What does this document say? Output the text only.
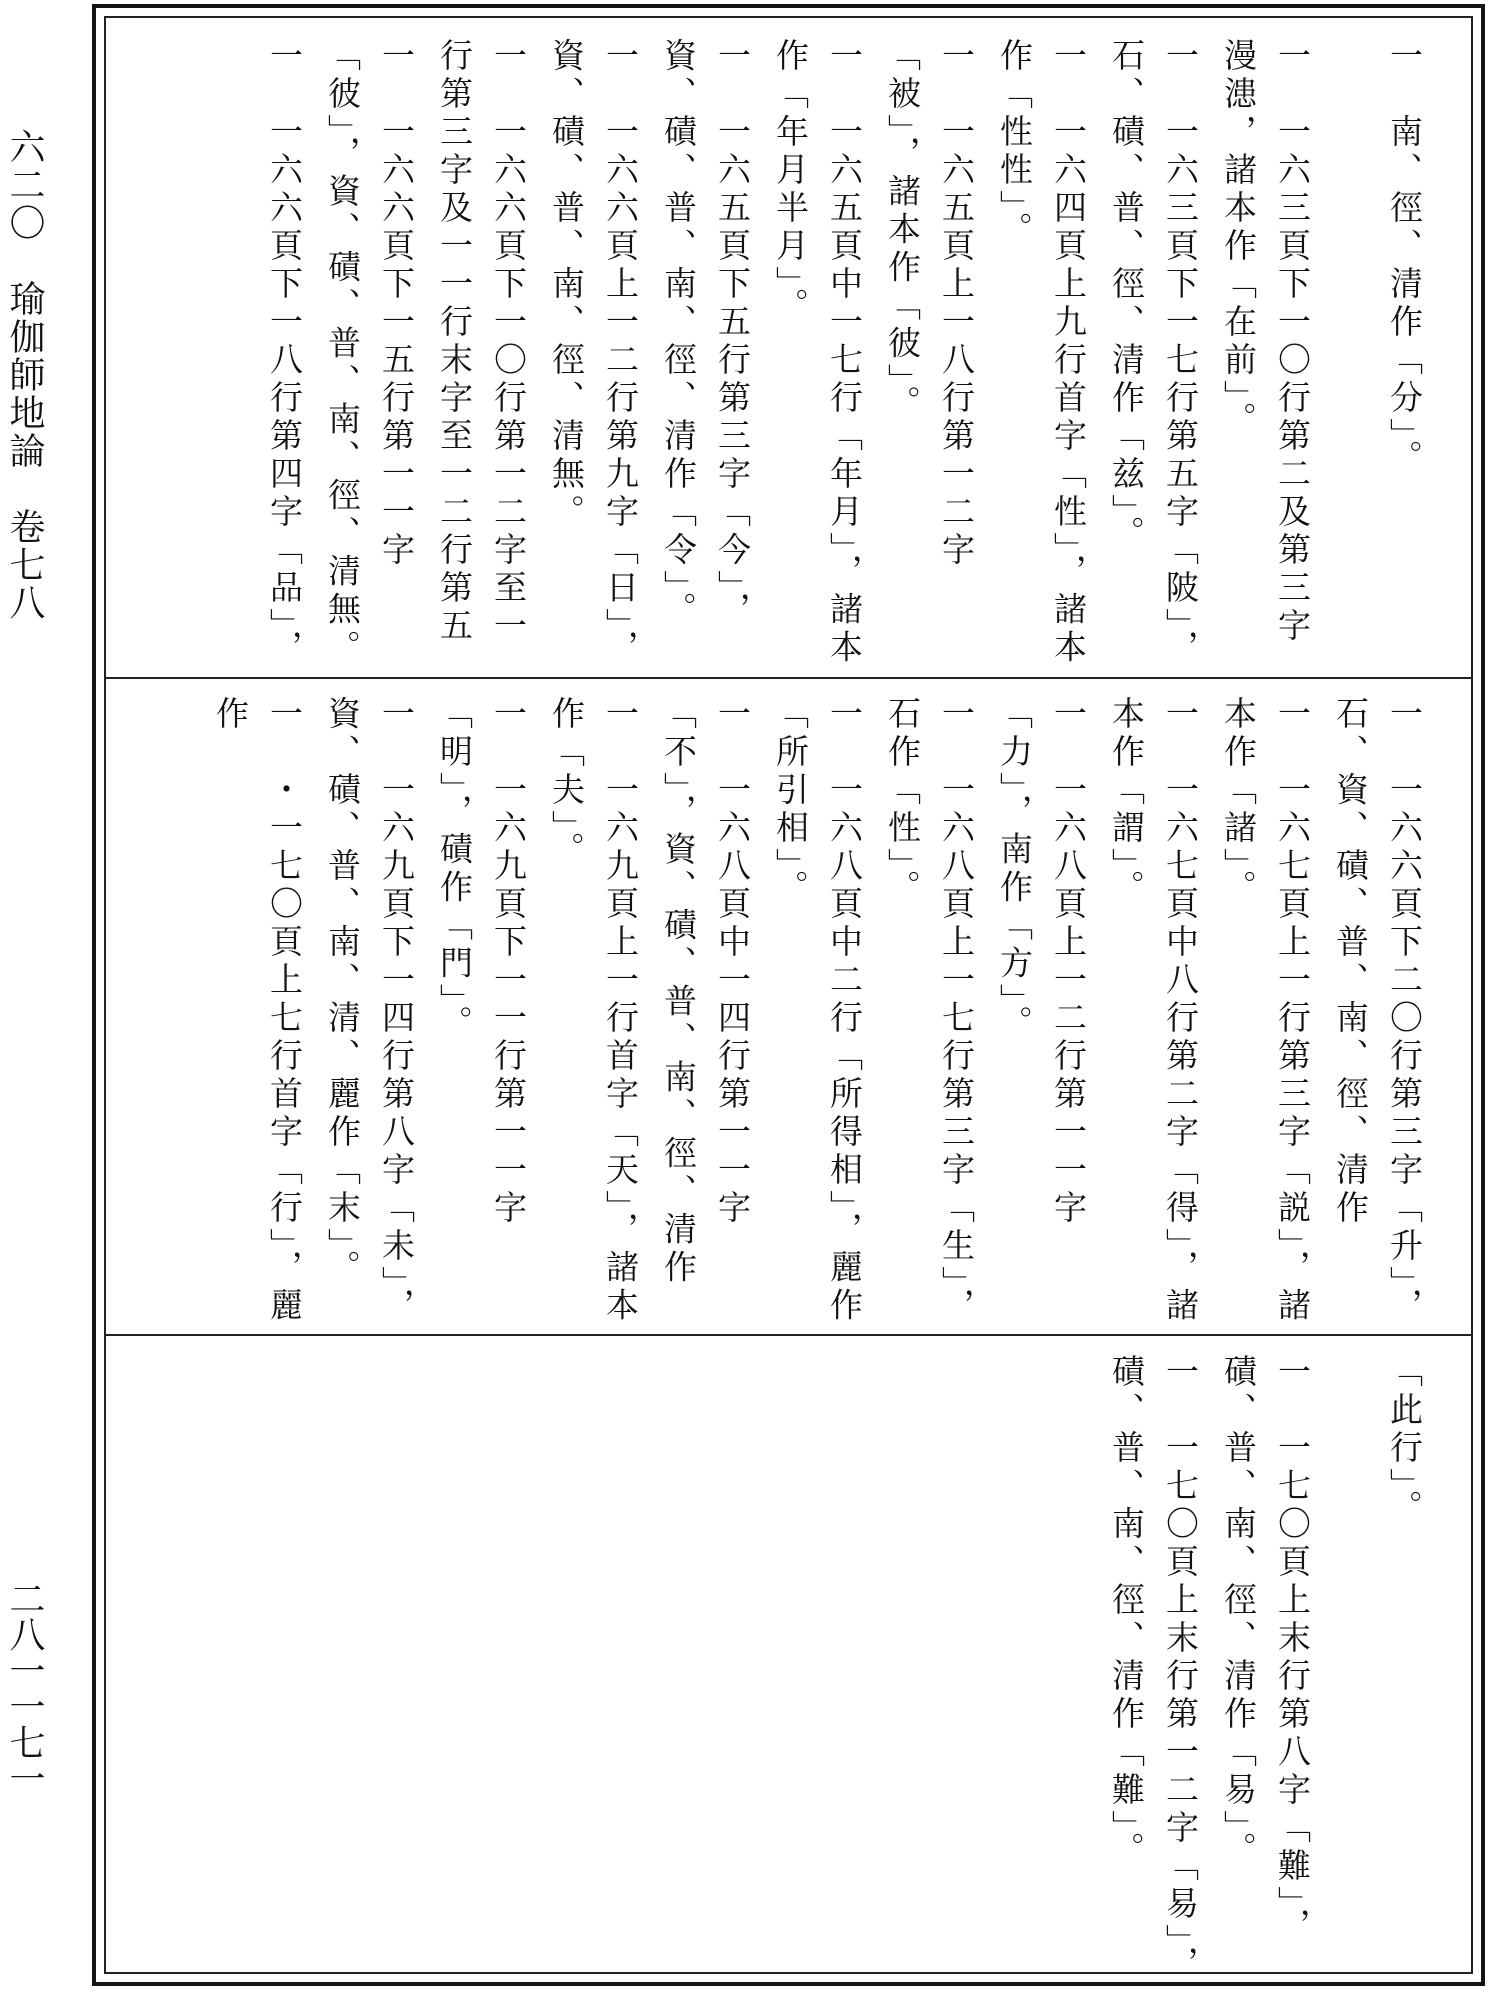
六二〇　瑜伽師地論　卷七八
二八一一七一
一　南、徑、清作「分」。
一　一六三頁下一〇行第二及第三字漫漶，諸本作「在前」。
一　一六三頁下一七行第五字「陂」，石、磧、普、徑、清作「兹」。
一　一六四頁上九行首字「性」，諸本作「性性」。
一　一六五頁上一八行第一二字「被」，諸本作「彼」。
一　一六五頁中一七行「年月」，諸本作「年月半月」。
一　一六五頁下五行第三字「今」，資、磧、普、南、徑、清作「令」。
一　一六六頁上一二行第九字「日」，資、磧、普、南、徑、清無。
一　一六六頁下一〇行第一二字至一行第三字及一一行末字至一二行第五
一　一六六頁下一五行第一一字「彼」，資、磧、普、南、徑、清無。
一　一六六頁下一八行第四字「品」，
一　一六六頁下二〇行第三字「升」，石、資、磧、普、南、徑、清作
一　一六七頁上一行第三字「説」，諸本作「諸」。
一　一六七頁中八行第二字「得」，諸本作「謂」。
一　一六八頁上一二行第一一字「力」，南作「方」。
一　一六八頁上一七行第三字「生」，石作「性」。
一　一六八頁中二行「所得相」，麗作「所引相」。
一　一六八頁中一四行第一一字「不」，資、磧、普、南、徑、清作
一　一六九頁上一行首字「天」，諸本作「夫」。
一　一六九頁下一一行第一一字「明」，磧作「門」。
一　一六九頁下一四行第八字「未」，資、磧、普、南、清、麗作「末」。
一　・一七〇頁上七行首字「行」，麗作
「此行」。
一　一七〇頁上末行第八字「難」，磧、普、南、徑、清作「易」。
一　一七〇頁上末行第一二字「易」，磧、普、南、徑、清作「難」。
